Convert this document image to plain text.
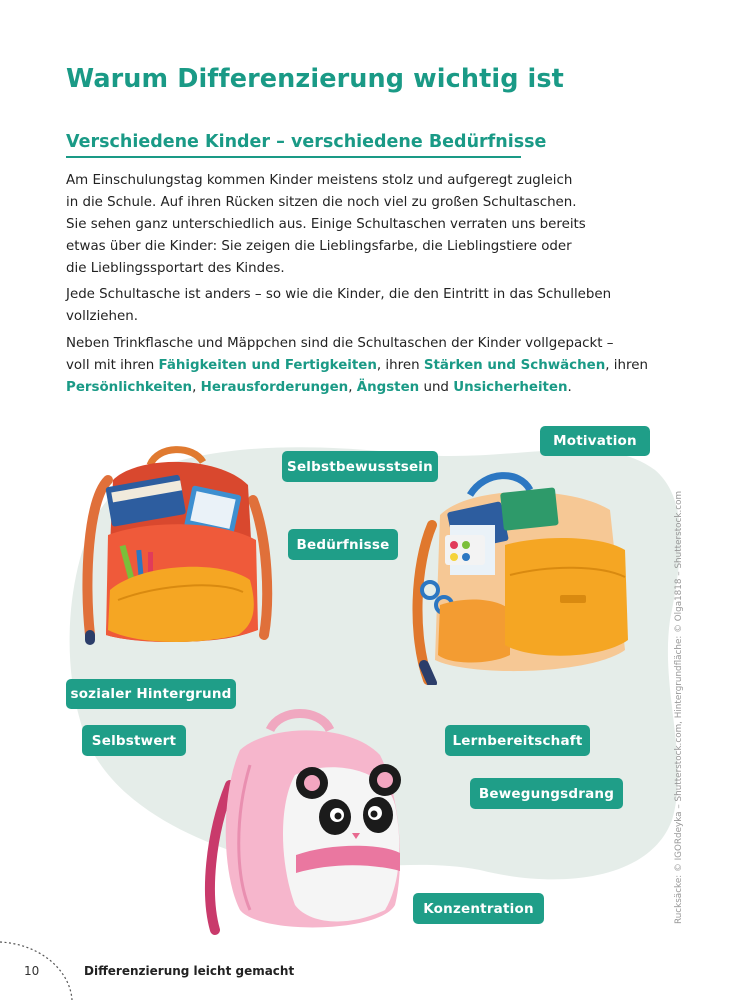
Warum Differenzierung wichtig ist
Verschiedene Kinder – verschiedene Bedürfnisse
Am Einschulungstag kommen Kinder meistens stolz und aufgeregt zugleich
in die Schule. Auf ihren Rücken sitzen die noch viel zu großen Schultaschen.
Sie sehen ganz unterschiedlich aus. Einige Schultaschen verraten uns bereits
etwas über die Kinder: Sie zeigen die Lieblingsfarbe, die Lieblingstiere oder
die Lieblingssportart des Kindes.
Jede Schultasche ist anders – so wie die Kinder, die den Eintritt in das Schulleben
vollziehen.
Neben Trinkflasche und Mäppchen sind die Schultaschen der Kinder vollgepackt –
voll mit ihren Fähigkeiten und Fertigkeiten, ihren Stärken und Schwächen, ihren
Persönlichkeiten, Herausforderungen, Ängsten und Unsicherheiten.
Motivation
Selbstbewusstsein
Bedürfnisse
sozialer Hintergrund
Selbstwert	Lernbereitschaft
Bewegungsdrang
Konzentration	Rucksäcke: © IGORdeyka – Shutterstock.com, Hintergrundfläche: © Olga1818 – Shutterstock.com
10	Differenzierung leicht gemacht
